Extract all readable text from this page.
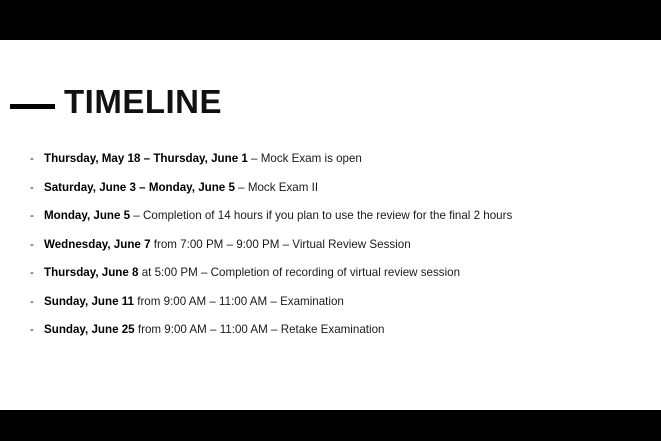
TIMELINE
- Thursday, May 18 – Thursday, June 1 – Mock Exam is open
- Saturday, June 3 – Monday, June 5 – Mock Exam II
- Monday, June 5 – Completion of 14 hours if you plan to use the review for the final 2 hours
- Wednesday, June 7 from 7:00 PM – 9:00 PM – Virtual Review Session
- Thursday, June 8 at 5:00 PM – Completion of recording of virtual review session
- Sunday, June 11 from 9:00 AM – 11:00 AM – Examination
- Sunday, June 25 from 9:00 AM – 11:00 AM – Retake Examination
